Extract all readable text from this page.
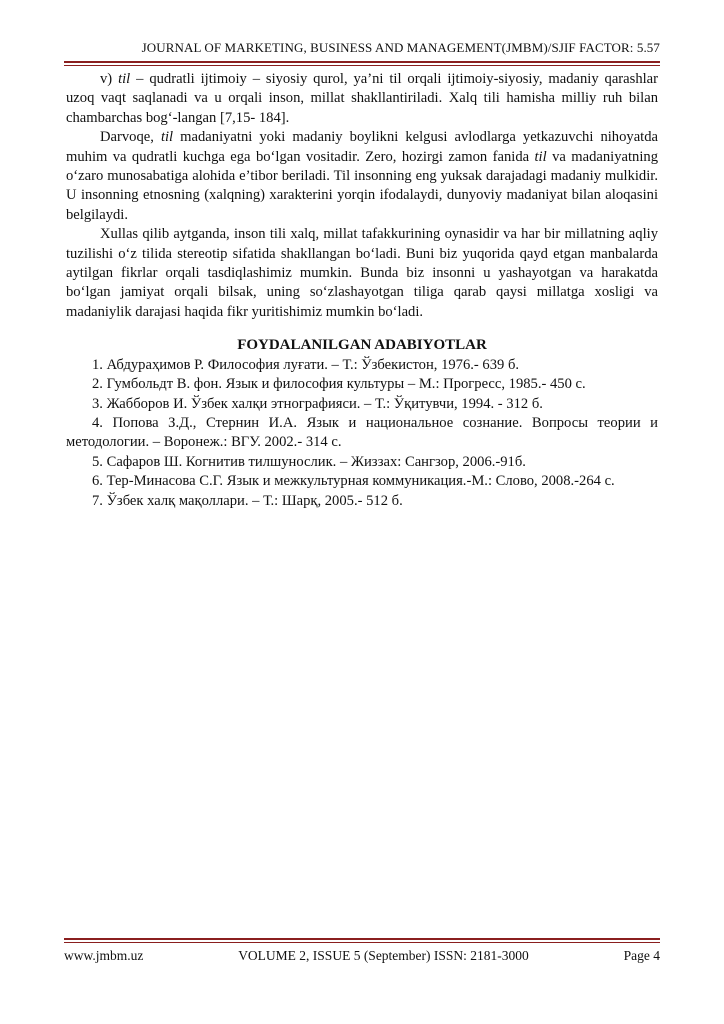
JOURNAL OF MARKETING, BUSINESS AND MANAGEMENT(JMBM)/SJIF FACTOR: 5.57

v) til – qudratli ijtimoiy – siyosiy qurol, ya’ni til orqali ijtimoiy-siyosiy, madaniy qarashlar uzoq vaqt saqlanadi va u orqali inson, millat shakllantiriladi. Xalq tili hamisha milliy ruh bilan chambarchas bog‘-langan [7,15- 184].

Darvoqe, til madaniyatni yoki madaniy boylikni kelgusi avlodlarga yetkazuvchi nihoyatda muhim va qudratli kuchga ega bo‘lgan vositadir. Zero, hozirgi zamon fanida til va madaniyatning o‘zaro munosabatiga alohida e’tibor beriladi. Til insonning eng yuksak darajadagi madaniy mulkidir. U insonning etnosning (xalqning) xarakterini yorqin ifodalaydi, dunyoviy madaniyat bilan aloqasini belgilaydi.

Xullas qilib aytganda, inson tili xalq, millat tafakkurining oynasidir va har bir millatning aqliy tuzilishi o‘z tilida stereotip sifatida shakllangan bo‘ladi. Buni biz yuqorida qayd etgan manbalarda aytilgan fikrlar orqali tasdiqlashimiz mumkin. Bunda biz insonni u yashayotgan va harakatda bo‘lgan jamiyat orqali bilsak, uning so‘zlashayotgan tiliga qarab qaysi millatga xosligi va madaniylik darajasi haqida fikr yuritishimiz mumkin bo‘ladi.

FOYDALANILGAN ADABIYOTLAR
1. Абдураҳимов Р. Философия луғати. – Т.: Ўзбекистон, 1976.- 639 б.
2. Гумбольдт В. фон. Язык и философия культуры – М.: Прогресс, 1985.- 450 с.
3. Жабборов И. Ўзбек халқи этнографияси. – Т.: Ўқитувчи, 1994. - 312 б.
4. Попова З.Д., Стернин И.А. Язык и национальное сознание. Вопросы теории и методологии. – Воронеж.: ВГУ. 2002.- 314 с.
5. Сафаров Ш. Когнитив тилшунослик. – Жиззах: Сангзор, 2006.-91б.
6. Тер-Минасова С.Г. Язык и межкультурная коммуникация.-М.: Слово, 2008.-264 с.
7. Ўзбек халқ мақоллари. – Т.: Шарқ, 2005.- 512 б.
www.jmbm.uz	VOLUME 2, ISSUE 5 (September) ISSN: 2181-3000	Page 4
